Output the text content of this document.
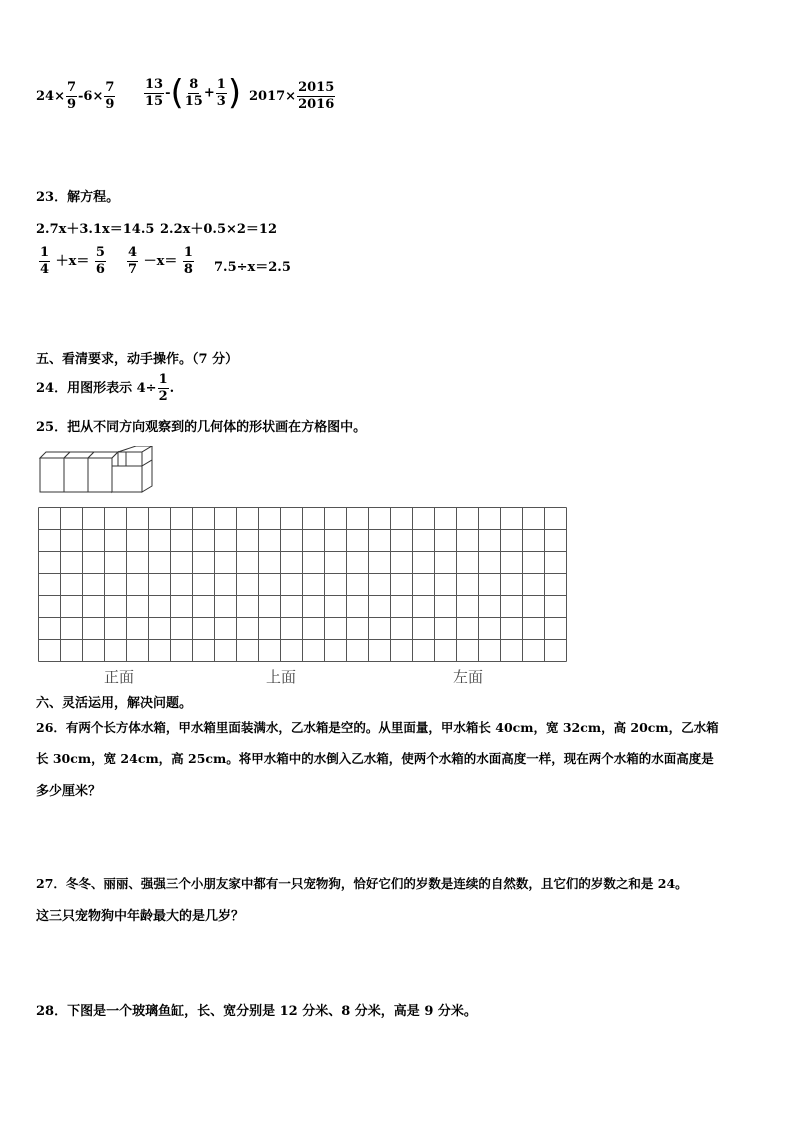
$24\times \frac{7}{9} -6\times \frac{7}{9} \frac{13}{15}$ -( $\frac{8}{15} + \frac{1}{3}$ ) $2017\times \frac{2015}{2016}$
23．解方程。
2.7x＋3.1x＝14.5 2.2x＋0.5×2＝12
$\frac{1}{4} +x= \frac{5}{6} \frac{4}{7} -x= \frac{1}{8} 7.5\div x=2.5$
五、看清要求，动手操作。（7 分）
24．用图形表示 $4\div \frac{1}{2}$ .
25．把从不同方向观察到的几何体的形状画在方格图中。
正面	上面	左面
六、灵活运用，解决问题。
26．有两个长方体水箱，甲水箱里面装满水，乙水箱是空的。从里面量，甲水箱长 40cm，宽 32cm，高 20cm，乙水箱
长 30cm，宽 24cm，高 25cm。将甲水箱中的水倒入乙水箱，使两个水箱的水面高度一样，现在两个水箱的水面高度是
多少厘米？
27．冬冬、丽丽、强强三个小朋友家中都有一只宠物狗，恰好它们的岁数是连续的自然数，且它们的岁数之和是 24。
这三只宠物狗中年龄最大的是几岁？
28．下图是一个玻璃鱼缸，长、宽分别是 12 分米、8 分米，高是 9 分米。
